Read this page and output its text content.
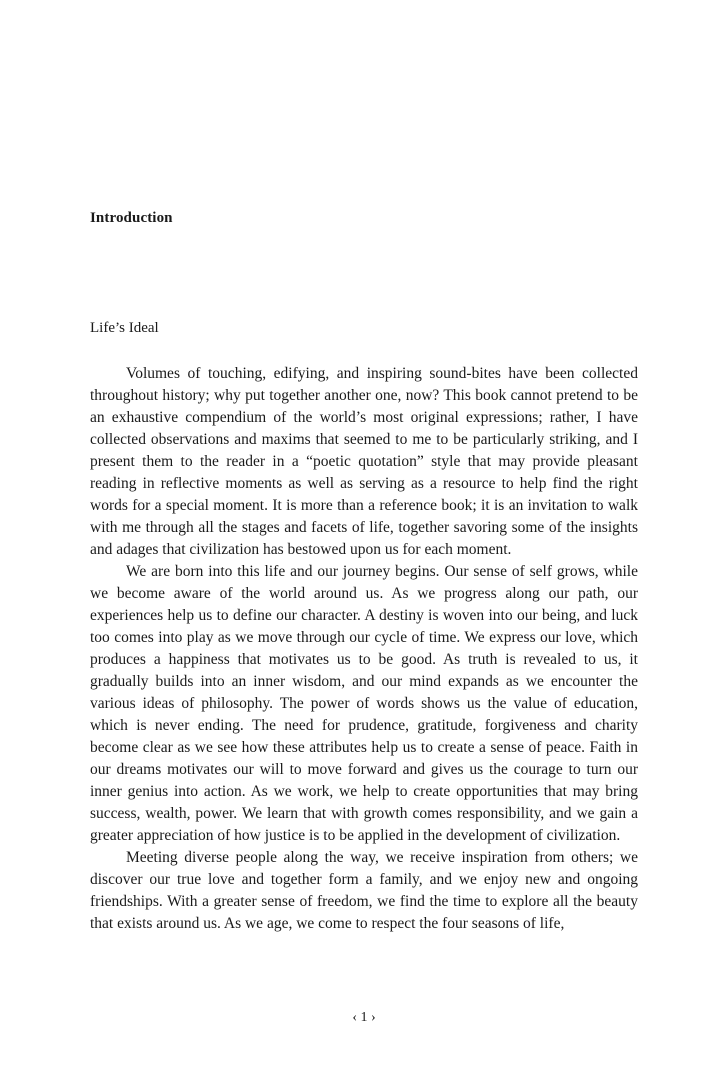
Introduction
Life’s Ideal

Volumes of touching, edifying, and inspiring sound-bites have been collected throughout history; why put together another one, now? This book cannot pretend to be an exhaustive compendium of the world’s most original expressions; rather, I have collected observations and maxims that seemed to me to be particularly striking, and I present them to the reader in a “poetic quotation” style that may provide pleasant reading in reflective moments as well as serving as a resource to help find the right words for a special moment. It is more than a reference book; it is an invitation to walk with me through all the stages and facets of life, together savoring some of the insights and adages that civilization has bestowed upon us for each moment.

We are born into this life and our journey begins. Our sense of self grows, while we become aware of the world around us. As we progress along our path, our experiences help us to define our character. A destiny is woven into our being, and luck too comes into play as we move through our cycle of time. We express our love, which produces a happiness that motivates us to be good. As truth is revealed to us, it gradually builds into an inner wisdom, and our mind expands as we encounter the various ideas of philosophy. The power of words shows us the value of education, which is never ending. The need for prudence, gratitude, forgiveness and charity become clear as we see how these attributes help us to create a sense of peace. Faith in our dreams motivates our will to move forward and gives us the courage to turn our inner genius into action. As we work, we help to create opportunities that may bring success, wealth, power. We learn that with growth comes responsibility, and we gain a greater appreciation of how justice is to be applied in the development of civilization.

Meeting diverse people along the way, we receive inspiration from others; we discover our true love and together form a family, and we enjoy new and ongoing friendships. With a greater sense of freedom, we find the time to explore all the beauty that exists around us. As we age, we come to respect the four seasons of life,

‹ 1 ›
